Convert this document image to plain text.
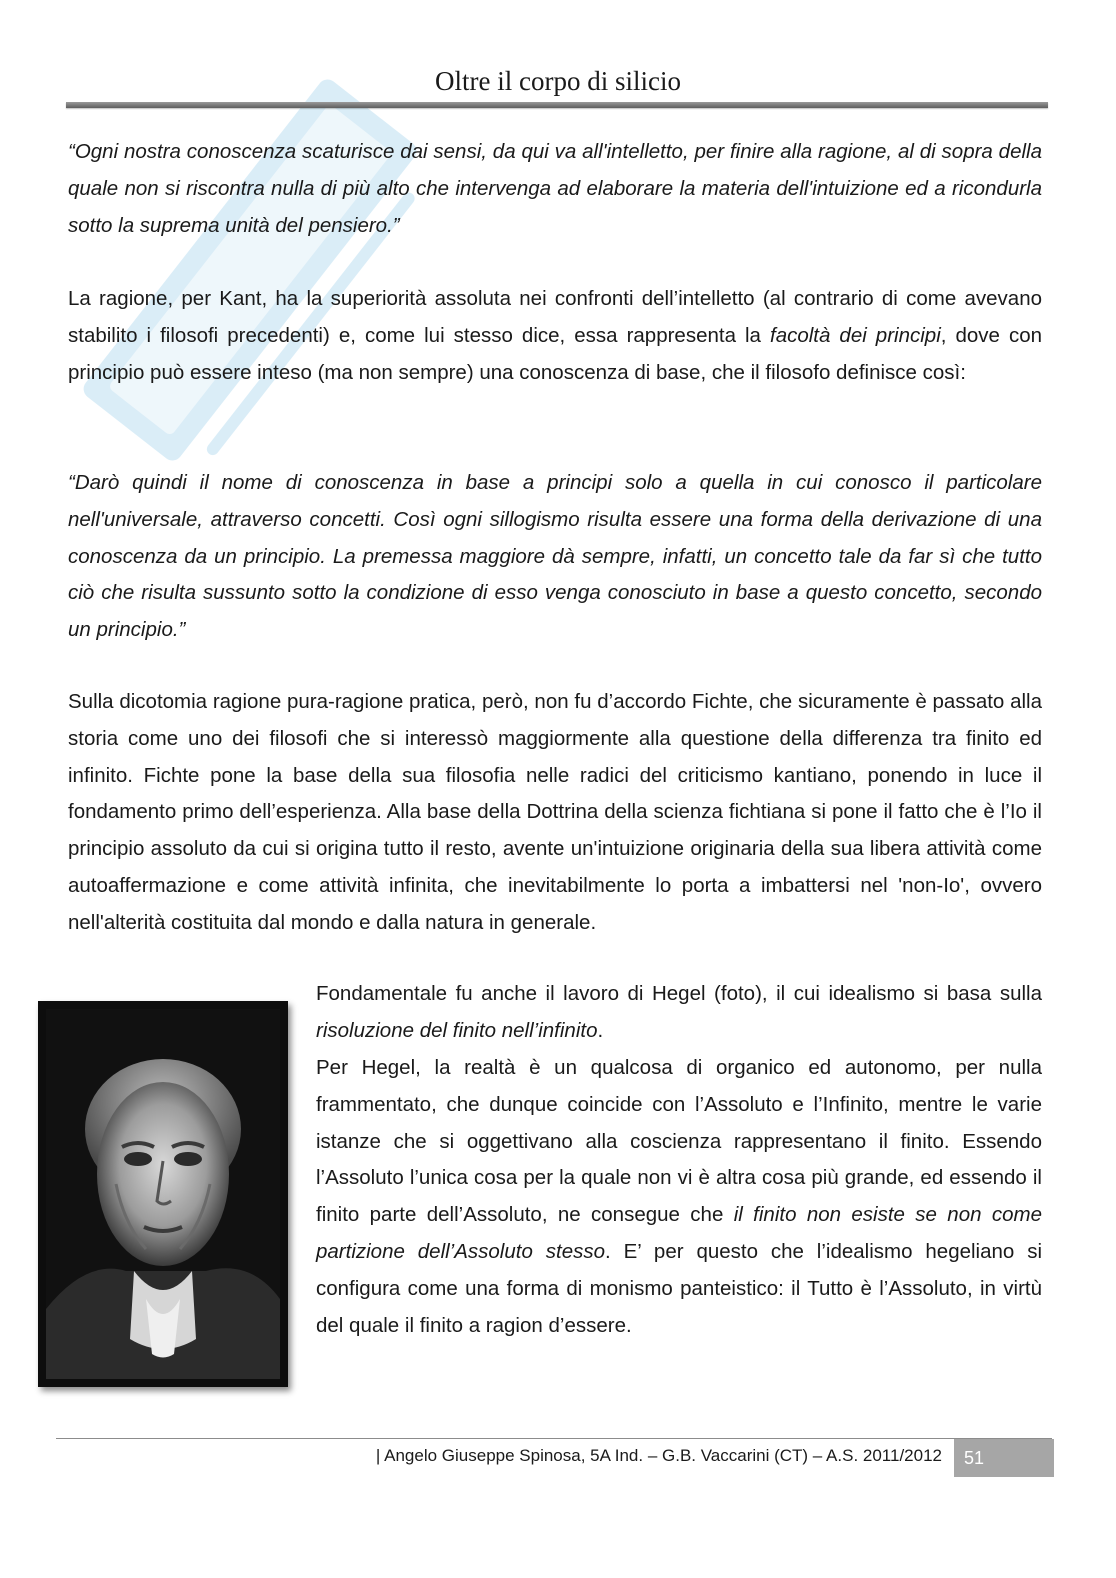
Oltre il corpo di silicio

“Ogni nostra conoscenza scaturisce dai sensi, da qui va all'intelletto, per finire alla ragione, al di sopra della quale non si riscontra nulla di più alto che intervenga ad elaborare la materia dell'intuizione ed a ricondurla sotto la suprema unità del pensiero.”

La ragione, per Kant, ha la superiorità assoluta nei confronti dell’intelletto (al contrario di come avevano stabilito i filosofi precedenti) e, come lui stesso dice, essa rappresenta la facoltà dei principi, dove con principio può essere inteso (ma non sempre) una conoscenza di base, che il filosofo definisce così:

“Darò quindi il nome di conoscenza in base a principi solo a quella in cui conosco il particolare nell'universale, attraverso concetti. Così ogni sillogismo risulta essere una forma della derivazione di una conoscenza da un principio. La premessa maggiore dà sempre, infatti, un concetto tale da far sì che tutto ciò che risulta sussunto sotto la condizione di esso venga conosciuto in base a questo concetto, secondo un principio.”

Sulla dicotomia ragione pura-ragione pratica, però, non fu d’accordo Fichte, che sicuramente è passato alla storia come uno dei filosofi che si interessò maggiormente alla questione della differenza tra finito ed infinito. Fichte pone la base della sua filosofia nelle radici del criticismo kantiano, ponendo in luce il fondamento primo dell’esperienza. Alla base della Dottrina della scienza fichtiana si pone il fatto che è l’Io il principio assoluto da cui si origina tutto il resto, avente un'intuizione originaria della sua libera attività come autoaffermazione e come attività infinita, che inevitabilmente lo porta a imbattersi nel 'non-Io', ovvero nell'alterità costituita dal mondo e dalla natura in generale.

Fondamentale fu anche il lavoro di Hegel (foto), il cui idealismo si basa sulla risoluzione del finito nell’infinito.

Per Hegel, la realtà è un qualcosa di organico ed autonomo, per nulla frammentato, che dunque coincide con l’Assoluto e l’Infinito, mentre le varie istanze che si oggettivano alla coscienza rappresentano il finito. Essendo l’Assoluto l’unica cosa per la quale non vi è altra cosa più grande, ed essendo il finito parte dell’Assoluto, ne consegue che il finito non esiste se non come partizione dell’Assoluto stesso. E’ per questo che l’idealismo hegeliano si configura come una forma di monismo panteistico: il Tutto è l’Assoluto, in virtù del quale il finito a ragion d’essere.

| Angelo Giuseppe Spinosa, 5A Ind. – G.B. Vaccarini (CT) – A.S. 2011/2012	51
